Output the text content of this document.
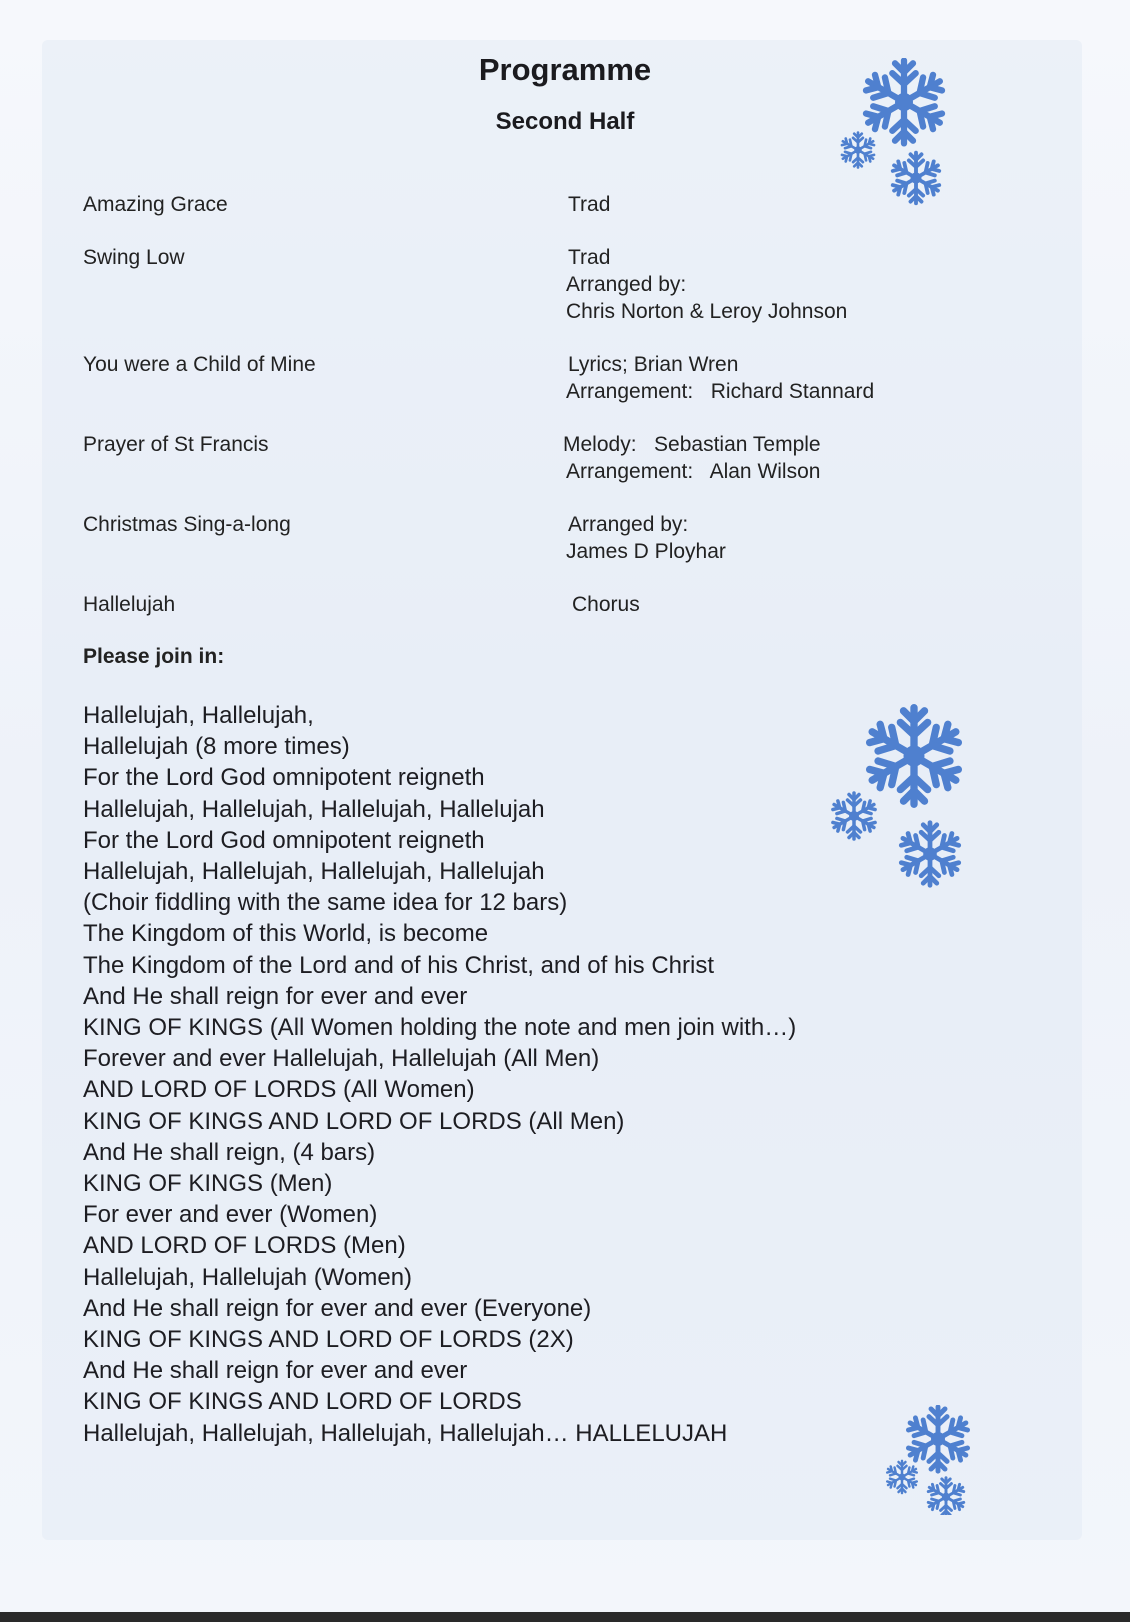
Programme
Second Half
Amazing Grace	Trad
Swing Low	Trad
Arranged by:
Chris Norton & Leroy Johnson
You were a Child of Mine	Lyrics; Brian Wren
Arrangement:   Richard Stannard
Prayer of St Francis	Melody:   Sebastian Temple
Arrangement:   Alan Wilson
Christmas Sing-a-long	Arranged by:
James D Ployhar
Hallelujah	Chorus
Please join in:
Hallelujah, Hallelujah,
Hallelujah (8 more times)
For the Lord God omnipotent reigneth
Hallelujah, Hallelujah, Hallelujah, Hallelujah
For the Lord God omnipotent reigneth
Hallelujah, Hallelujah, Hallelujah, Hallelujah
(Choir fiddling with the same idea for 12 bars)
The Kingdom of this World, is become
The Kingdom of the Lord and of his Christ, and of his Christ
And He shall reign for ever and ever
KING OF KINGS (All Women holding the note and men join with…)
Forever and ever Hallelujah, Hallelujah (All Men)
AND LORD OF LORDS (All Women)
KING OF KINGS AND LORD OF LORDS (All Men)
And He shall reign, (4 bars)
KING OF KINGS (Men)
For ever and ever (Women)
AND LORD OF LORDS (Men)
Hallelujah, Hallelujah (Women)
And He shall reign for ever and ever (Everyone)
KING OF KINGS AND LORD OF LORDS (2X)
And He shall reign for ever and ever
KING OF KINGS AND LORD OF LORDS
Hallelujah, Hallelujah, Hallelujah, Hallelujah… HALLELUJAH
